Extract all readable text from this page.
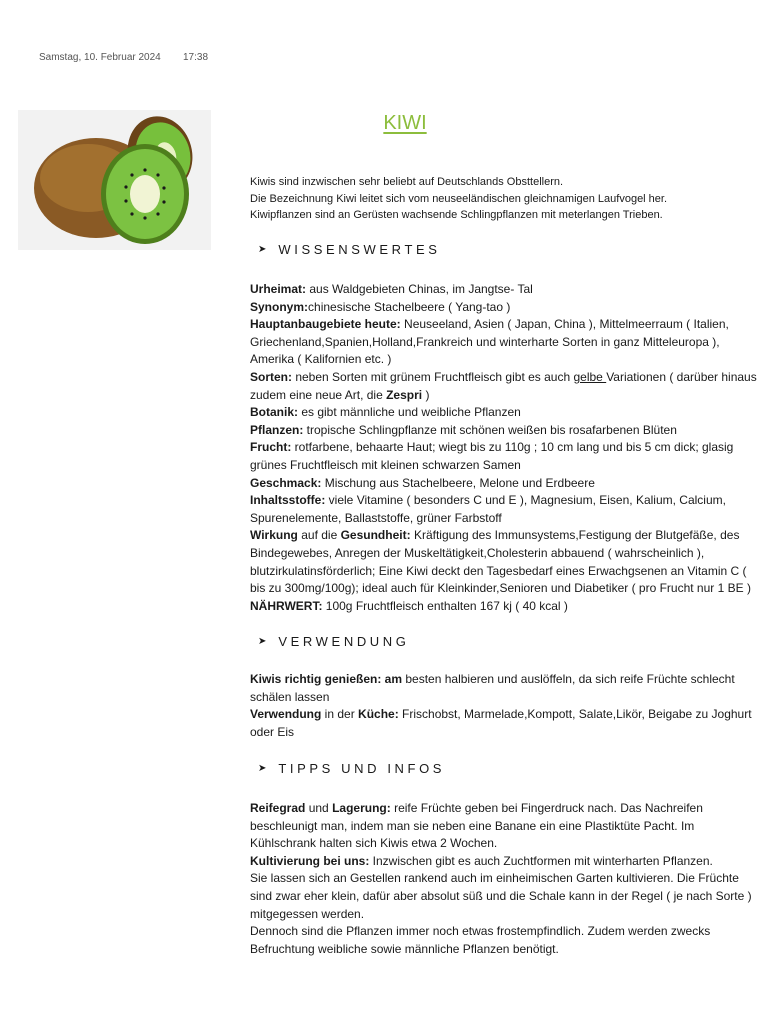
Samstag, 10. Februar 2024 17:38
KIWI
Kiwis sind inzwischen sehr beliebt auf Deutschlands Obsttellern.
Die Bezeichnung Kiwi leitet sich vom neuseeländischen gleichnamigen Laufvogel her.
Kiwipflanzen sind an Gerüsten wachsende Schlingpflanzen mit meterlangen Trieben.
➤ WISSENSWERTES

Urheimat: aus Waldgebieten Chinas, im Jangtse- Tal

Synonym:chinesische Stachelbeere ( Yang-tao )

Hauptanbaugebiete heute: Neuseeland, Asien ( Japan, China ), Mittelmeerraum ( Italien, Griechenland,Spanien,Holland,Frankreich und winterharte Sorten in ganz Mitteleuropa ), Amerika ( Kalifornien etc. )

Sorten: neben Sorten mit grünem Fruchtfleisch gibt es auch gelbe Variationen ( darüber hinaus zudem eine neue Art, die Zespri )

Botanik: es gibt männliche und weibliche Pflanzen

Pflanzen: tropische Schlingpflanze mit schönen weißen bis rosafarbenen Blüten

Frucht: rotfarbene, behaarte Haut; wiegt bis zu 110g ; 10 cm lang und bis 5 cm dick; glasig grünes Fruchtfleisch mit kleinen schwarzen Samen

Geschmack: Mischung aus Stachelbeere, Melone und Erdbeere

Inhaltsstoffe: viele Vitamine ( besonders C und E ), Magnesium, Eisen, Kalium, Calcium, Spurenelemente, Ballaststoffe, grüner Farbstoff

Wirkung auf die Gesundheit: Kräftigung des Immunsystems,Festigung der Blutgefäße, des Bindegewebes, Anregen der Muskeltätigkeit,Cholesterin abbauend ( wahrscheinlich ), blutzirkulatinsförderlich; Eine Kiwi deckt den Tagesbedarf eines Erwachgsenen an Vitamin C ( bis zu 300mg/100g); ideal auch für Kleinkinder,Senioren und Diabetiker ( pro Frucht nur 1 BE )

NÄHRWERT: 100g Fruchtfleisch enthalten 167 kj ( 40 kcal )

➤ VERWENDUNG

Kiwis richtig genießen: am besten halbieren und auslöffeln, da sich reife Früchte schlecht schälen lassen

Verwendung in der Küche: Frischobst, Marmelade,Kompott, Salate,Likör, Beigabe zu Joghurt oder Eis

➤ TIPPS UND INFOS

Reifegrad und Lagerung: reife Früchte geben bei Fingerdruck nach. Das Nachreifen beschleunigt man, indem man sie neben eine Banane ein eine Plastiktüte Pacht. Im Kühlschrank halten sich Kiwis etwa 2 Wochen.

Kultivierung bei uns: Inzwischen gibt es auch Zuchtformen mit winterharten Pflanzen.

Sie lassen sich an Gestellen rankend auch im einheimischen Garten kultivieren. Die Früchte sind zwar eher klein, dafür aber absolut süß und die Schale kann in der Regel ( je nach Sorte ) mitgegessen werden.

Dennoch sind die Pflanzen immer noch etwas frostempfindlich. Zudem werden zwecks Befruchtung weibliche sowie männliche Pflanzen benötigt.
